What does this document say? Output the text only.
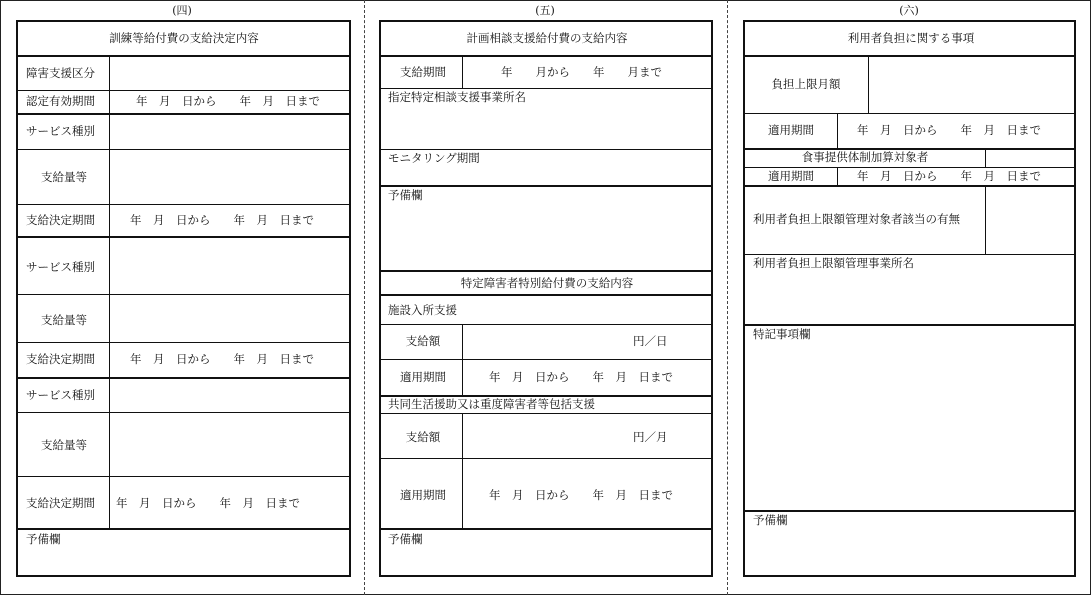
(四)
訓練等給付費の支給決定内容
障害支援区分
認定有効期間	年　月　日から　　年　月　日まで
サービス種別
支給量等
支給決定期間	年　月　日から　　年　月　日まで
サービス種別
支給量等
支給決定期間	年　月　日から　　年　月　日まで
サービス種別
支給量等
支給決定期間 年　月　日から　　年　月　日まで
予備欄
(五)
計画相談支援給付費の支給内容
支給期間	年　　月から　　年　　月まで
指定特定相談支援事業所名
モニタリング期間
予備欄
特定障害者特別給付費の支給内容
施設入所支援
支給額	円／日
適用期間	年　月　日から　　年　月　日まで
共同生活援助又は重度障害者等包括支援
支給額	円／月
適用期間	年　月　日から　　年　月　日まで
予備欄
(六)
利用者負担に関する事項
負担上限月額
適用期間	年　月　日から　　年　月　日まで
食事提供体制加算対象者
適用期間	年　月　日から　　年　月　日まで
利用者負担上限額管理対象者該当の有無
利用者負担上限額管理事業所名
特記事項欄
予備欄
